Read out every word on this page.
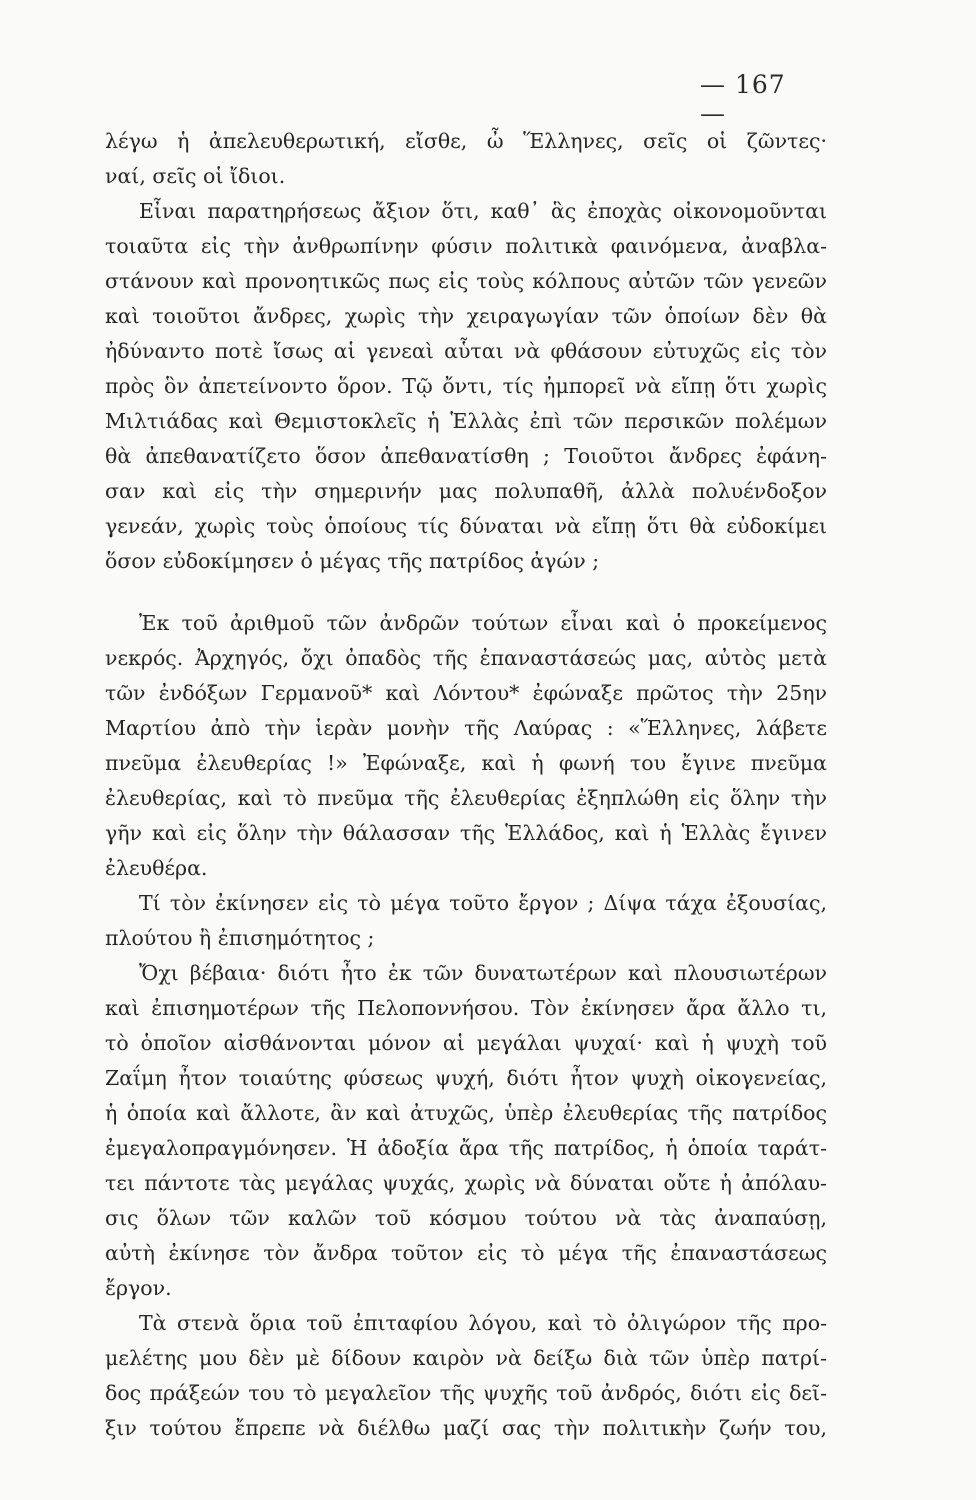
— 167 —
λέγω ἡ ἀπελευθερωτική, εἴσθε, ὦ Ἕλληνες, σεῖς οἱ ζῶντες·
ναί, σεῖς οἱ ἴδιοι.
Εἶναι παρατηρήσεως ἄξιον ὅτι, καθ᾽ ἃς ἐποχὰς οἰκονομοῦνται
τοιαῦτα εἰς τὴν ἀνθρωπίνην φύσιν πολιτικὰ φαινόμενα, ἀναβλα-
στάνουν καὶ προνοητικῶς πως εἰς τοὺς κόλπους αὐτῶν τῶν γενεῶν
καὶ τοιοῦτοι ἄνδρες, χωρὶς τὴν χειραγωγίαν τῶν ὁποίων δὲν θὰ
ἠδύναντο ποτὲ ἴσως αἱ γενεαὶ αὗται νὰ φθάσουν εὐτυχῶς εἰς τὸν
πρὸς ὃν ἀπετείνοντο ὅρον. Τῷ ὄντι, τίς ἠμπορεῖ νὰ εἴπῃ ὅτι χωρὶς
Μιλτιάδας καὶ Θεμιστοκλεῖς ἡ Ἑλλὰς ἐπὶ τῶν περσικῶν πολέμων
θὰ ἀπεθανατίζετο ὅσον ἀπεθανατίσθη ; Τοιοῦτοι ἄνδρες ἐφάνη-
σαν καὶ εἰς τὴν σημερινήν μας πολυπαθῆ, ἀλλὰ πολυένδοξον
γενεάν, χωρὶς τοὺς ὁποίους τίς δύναται νὰ εἴπῃ ὅτι θὰ εὐδοκίμει
ὅσον εὐδοκίμησεν ὁ μέγας τῆς πατρίδος ἀγών ;
Ἐκ τοῦ ἀριθμοῦ τῶν ἀνδρῶν τούτων εἶναι καὶ ὁ προκείμενος
νεκρός. Ἀρχηγός, ὄχι ὀπαδὸς τῆς ἐπαναστάσεώς μας, αὐτὸς μετὰ
τῶν ἐνδόξων Γερμανοῦ* καὶ Λόντου* ἐφώναξε πρῶτος τὴν 25ην
Μαρτίου ἀπὸ τὴν ἱερὰν μονὴν τῆς Λαύρας : «Ἕλληνες, λάβετε
πνεῦμα ἐλευθερίας !» Ἐφώναξε, καὶ ἡ φωνή του ἔγινε πνεῦμα
ἐλευθερίας, καὶ τὸ πνεῦμα τῆς ἐλευθερίας ἐξηπλώθη εἰς ὅλην τὴν
γῆν καὶ εἰς ὅλην τὴν θάλασσαν τῆς Ἑλλάδος, καὶ ἡ Ἑλλὰς ἔγινεν
ἐλευθέρα.
Τί τὸν ἐκίνησεν εἰς τὸ μέγα τοῦτο ἔργον ; Δίψα τάχα ἐξουσίας,
πλούτου ἢ ἐπισημότητος ;
Ὄχι βέβαια· διότι ἦτο ἐκ τῶν δυνατωτέρων καὶ πλουσιωτέρων
καὶ ἐπισημοτέρων τῆς Πελοποννήσου. Τὸν ἐκίνησεν ἄρα ἄλλο τι,
τὸ ὁποῖον αἰσθάνονται μόνον αἱ μεγάλαι ψυχαί· καὶ ἡ ψυχὴ τοῦ
Ζαΐμη ἦτον τοιαύτης φύσεως ψυχή, διότι ἦτον ψυχὴ οἰκογενείας,
ἡ ὁποία καὶ ἄλλοτε, ἂν καὶ ἀτυχῶς, ὑπὲρ ἐλευθερίας τῆς πατρίδος
ἐμεγαλοπραγμόνησεν. Ἡ ἀδοξία ἄρα τῆς πατρίδος, ἡ ὁποία ταράτ-
τει πάντοτε τὰς μεγάλας ψυχάς, χωρὶς νὰ δύναται οὔτε ἡ ἀπόλαυ-
σις ὅλων τῶν καλῶν τοῦ κόσμου τούτου νὰ τὰς ἀναπαύσῃ,
αὐτὴ ἐκίνησε τὸν ἄνδρα τοῦτον εἰς τὸ μέγα τῆς ἐπαναστάσεως
ἔργον.
Τὰ στενὰ ὅρια τοῦ ἐπιταφίου λόγου, καὶ τὸ ὀλιγώρον τῆς προ-
μελέτης μου δὲν μὲ δίδουν καιρὸν νὰ δείξω διὰ τῶν ὑπὲρ πατρί-
δος πράξεών του τὸ μεγαλεῖον τῆς ψυχῆς τοῦ ἀνδρός, διότι εἰς δεῖ-
ξιν τούτου ἔπρεπε νὰ διέλθω μαζί σας τὴν πολιτικὴν ζωήν του,
